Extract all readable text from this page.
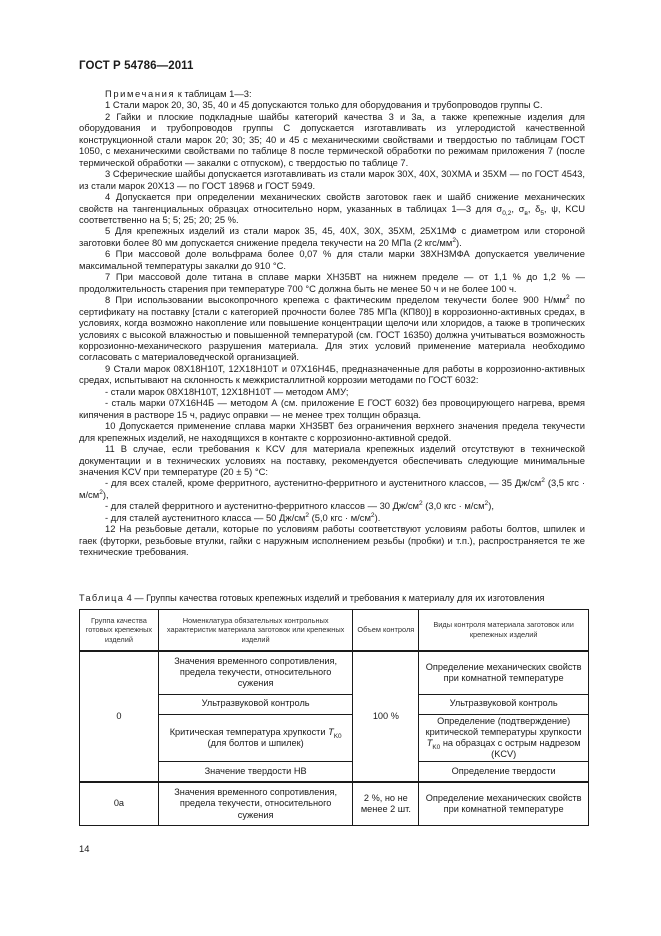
ГОСТ Р 54786—2011

Примечания к таблицам 1—3:

1 Стали марок 20, 30, 35, 40 и 45 допускаются только для оборудования и трубопроводов группы С.

2 Гайки и плоские подкладные шайбы категорий качества 3 и 3а, а также крепежные изделия для оборудования и трубопроводов группы С допускается изготавливать из углеродистой качественной конструкционной стали марок 20; 30; 35; 40 и 45 с механическими свойствами и твердостью по таблицам ГОСТ 1050, с механическими свойствами по таблице 8 после термической обработки по режимам приложения 7 (после термической обработки — закалки с отпуском), с твердостью по таблице 7.

3 Сферические шайбы допускается изготавливать из стали марок 30Х, 40Х, 30ХМА и 35ХМ — по ГОСТ 4543, из стали марок 20Х13 — по ГОСТ 18968 и ГОСТ 5949.

4 Допускается при определении механических свойств заготовок гаек и шайб снижение механических свойств на тангенциальных образцах относительно норм, указанных в таблицах 1—3 для $\sigma_{0,2}$, $\sigma_в$, $\delta_5$, ψ, KCU соответственно на 5; 5; 25; 20; 25 %.

5 Для крепежных изделий из стали марок 35, 45, 40Х, 30Х, 35ХМ, 25Х1МФ с диаметром или стороной заготовки более 80 мм допускается снижение предела текучести на 20 МПа (2 кгс/$мм^2$).

6 При массовой доле вольфрама более 0,07 % для стали марки 38ХН3МФА допускается увеличение максимальной температуры закалки до 910 °С.

7 При массовой доле титана в сплаве марки ХН35ВТ на нижнем пределе — от 1,1 % до 1,2 % — продолжительность старения при температуре 700 °С должна быть не менее 50 ч и не более 100 ч.

8 При использовании высокопрочного крепежа с фактическим пределом текучести более 900 $Н/мм^2$ по сертификату на поставку [стали с категорией прочности более 785 МПа (КП80)] в коррозионно-активных средах, в условиях, когда возможно накопление или повышение концентрации щелочи или хлоридов, а также в тропических условиях с высокой влажностью и повышенной температурой (см. ГОСТ 16350) должна учитываться возможность коррозионно-механического разрушения материала. Для этих условий применение материала необходимо согласовать с материаловедческой организацией.

9 Стали марок 08Х18Н10Т, 12Х18Н10Т и 07Х16Н4Б, предназначенные для работы в коррозионно-активных средах, испытывают на склонность к межкристаллитной коррозии методами по ГОСТ 6032:

- стали марок 08Х18Н10Т, 12Х18Н10Т — методом АМУ;

- сталь марки 07Х16Н4Б — методом А (см. приложение Е ГОСТ 6032) без провоцирующего нагрева, время кипячения в растворе 15 ч, радиус оправки — не менее трех толщин образца.

10 Допускается применение сплава марки ХН35ВТ без ограничения верхнего значения предела текучести для крепежных изделий, не находящихся в контакте с коррозионно-активной средой.

11 В случае, если требования к KCV для материала крепежных изделий отсутствуют в технической документации и в технических условиях на поставку, рекомендуется обеспечивать следующие минимальные значения KCV при температуре (20 ± 5) °С:

- для всех сталей, кроме ферритного, аустенитно-ферритного и аустенитного классов, — 35 $Дж/см^2$ (3,5 кгс · $м/см^2$),

- для сталей ферритного и аустенитно-ферритного классов — 30 $Дж/см^2$ (3,0 кгс · $м/см^2$),

- для сталей аустенитного класса — 50 $Дж/см^2$ (5,0 кгс · $м/см^2$).

12 На резьбовые детали, которые по условиям работы соответствуют условиям работы болтов, шпилек и гаек (футорки, резьбовые втулки, гайки с наружным исполнением резьбы (пробки) и т.п.), распространяется те же технические требования.

Таблица 4 — Группы качества готовых крепежных изделий и требования к материалу для их изготовления
Группа качества готовых крепежных изделий	Номенклатура обязательных контрольных характеристик материала заготовок или крепежных изделий	Объем контроля	Виды контроля материала заготовок или крепежных изделий
0	Значения временного сопротивления, предела текучести, относительного сужения	100 %	Определение механических свойств при комнатной температуре
	Ультразвуковой контроль		Ультразвуковой контроль
	Критическая температура хрупкости $T_{K0}$ (для болтов и шпилек)		Определение (подтверждение) критической температуры хрупкости $T_{K0}$ на образцах с острым надрезом (KCV)
	Значение твердости НВ		Определение твердости
0а	Значения временного сопротивления, предела текучести, относительного сужения	2 %, но не менее 2 шт.	Определение механических свойств при комнатной температуре
14
